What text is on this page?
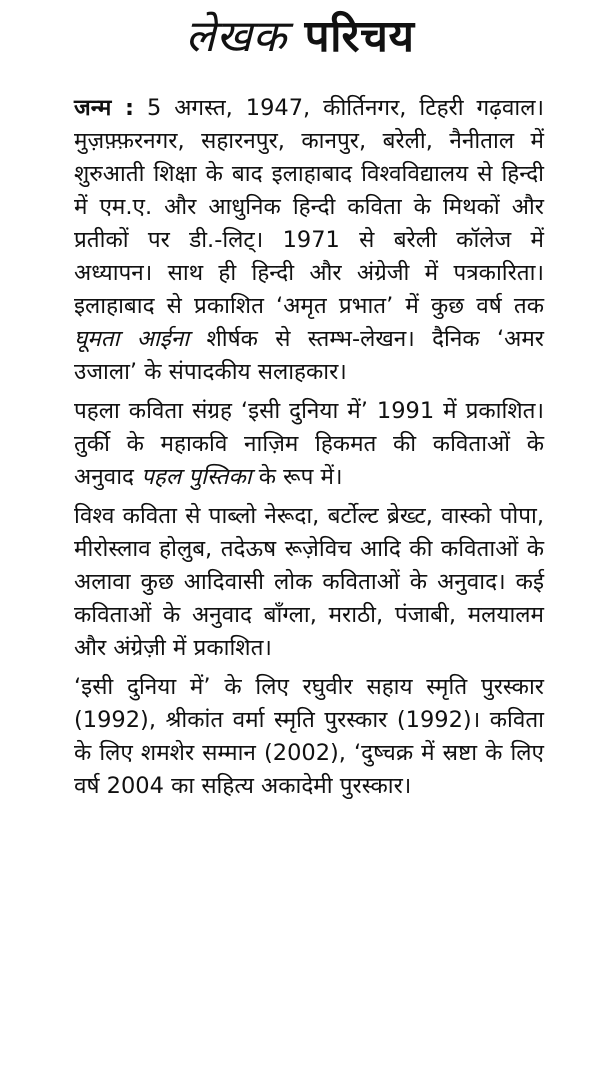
लेखक परिचय

जन्म : 5 अगस्त, 1947, कीर्तिनगर, टिहरी गढ़वाल। मुज़फ़्फ़रनगर, सहारनपुर, कानपुर, बरेली, नैनीताल में शुरुआती शिक्षा के बाद इलाहाबाद विश्वविद्यालय से हिन्दी में एम.ए. और आधुनिक हिन्दी कविता के मिथकों और प्रतीकों पर डी.-लिट्। 1971 से बरेली कॉलेज में अध्यापन। साथ ही हिन्दी और अंग्रेजी में पत्रकारिता। इलाहाबाद से प्रकाशित ‘अमृत प्रभात’ में कुछ वर्ष तक घूमता आईना शीर्षक से स्तम्भ-लेखन। दैनिक ‘अमर उजाला’ के संपादकीय सलाहकार।

पहला कविता संग्रह ‘इसी दुनिया में’ 1991 में प्रकाशित। तुर्की के महाकवि नाज़िम हिकमत की कविताओं के अनुवाद पहल पुस्तिका के रूप में।

विश्व कविता से पाब्लो नेरूदा, बर्टोल्ट ब्रेख्ट, वास्को पोपा, मीरोस्लाव होलुब, तदेऊष रूज़ेविच आदि की कविताओं के अलावा कुछ आदिवासी लोक कविताओं के अनुवाद। कई कविताओं के अनुवाद बाँग्ला, मराठी, पंजाबी, मलयालम और अंग्रेज़ी में प्रकाशित।

‘इसी दुनिया में’ के लिए रघुवीर सहाय स्मृति पुरस्कार (1992), श्रीकांत वर्मा स्मृति पुरस्कार (1992)। कविता के लिए शमशेर सम्मान (2002), ‘दुष्चक्र में स्रष्टा के लिए वर्ष 2004 का सहित्य अकादेमी पुरस्कार।
